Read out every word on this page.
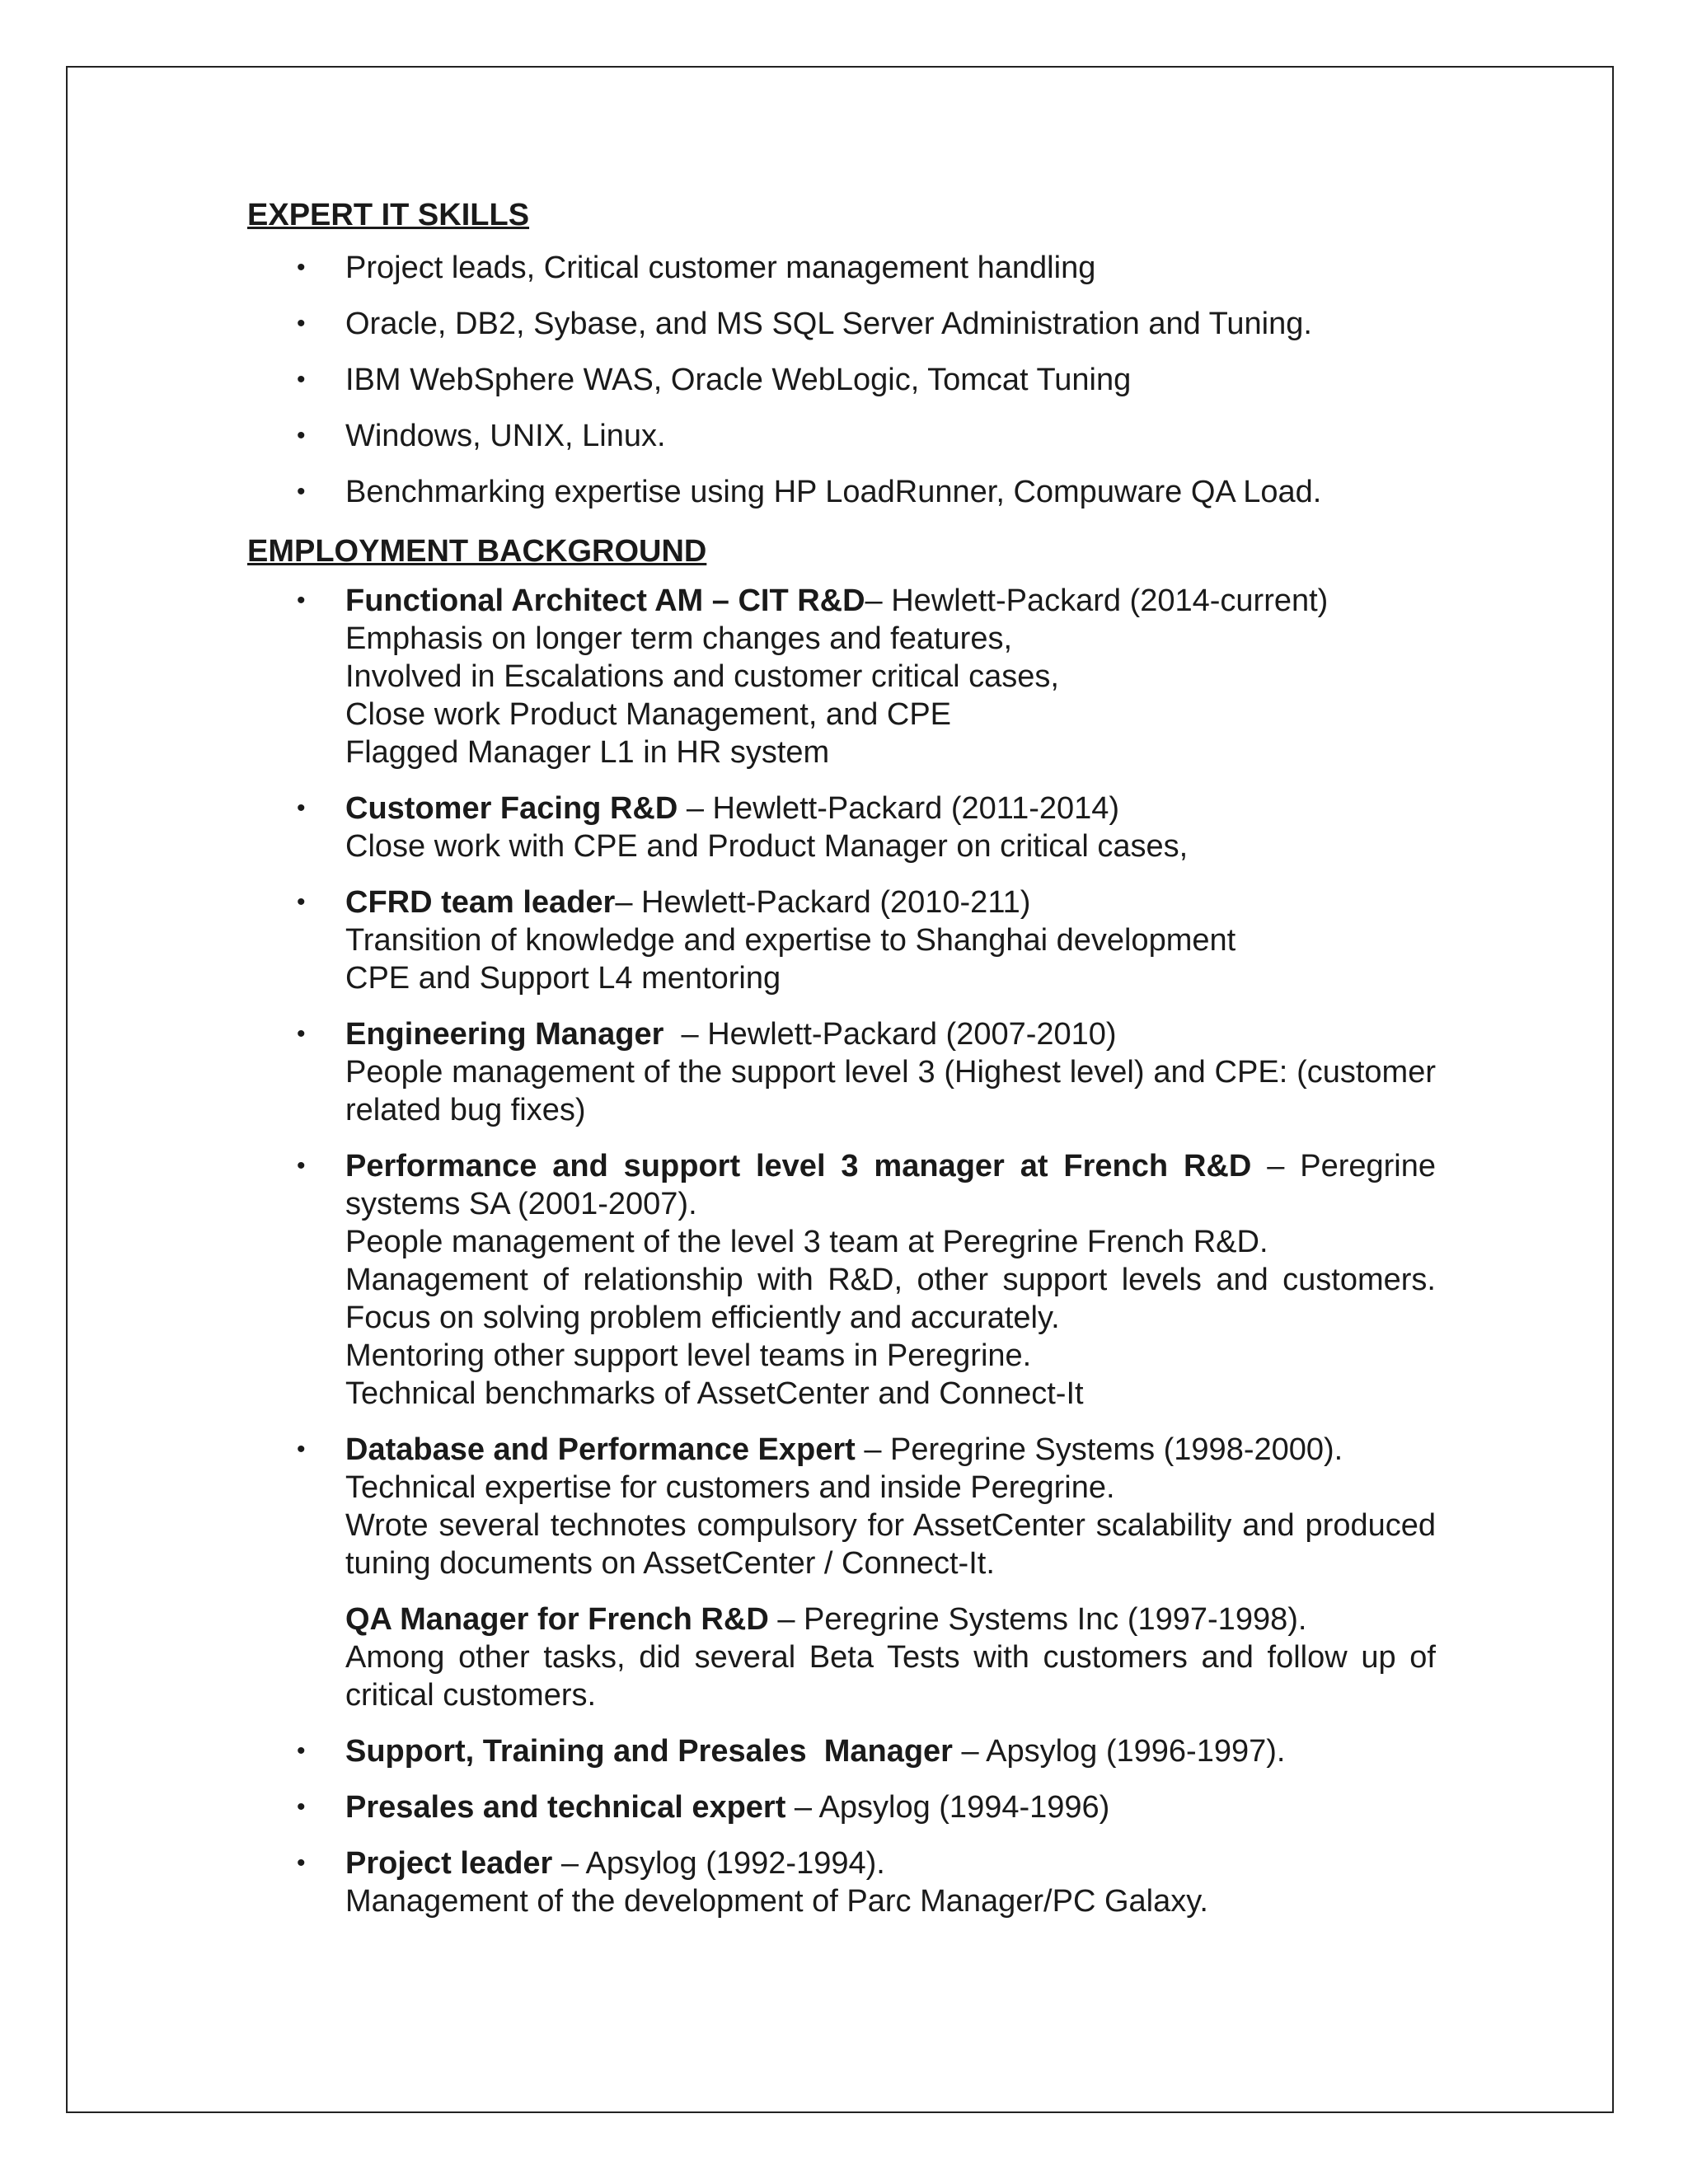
EXPERT IT SKILLS
• Project leads, Critical customer management handling
• Oracle, DB2, Sybase, and MS SQL Server Administration and Tuning.
• IBM WebSphere WAS, Oracle WebLogic, Tomcat Tuning
• Windows, UNIX, Linux.
• Benchmarking expertise using HP LoadRunner, Compuware QA Load.
EMPLOYMENT BACKGROUND
• Functional Architect AM – CIT R&D– Hewlett-Packard (2014-current)
Emphasis on longer term changes and features,
Involved in Escalations and customer critical cases,
Close work Product Management, and CPE
Flagged Manager L1 in HR system
• Customer Facing R&D – Hewlett-Packard (2011-2014)
Close work with CPE and Product Manager on critical cases,
• CFRD team leader– Hewlett-Packard (2010-211)
Transition of knowledge and expertise to Shanghai development
CPE and Support L4 mentoring
• Engineering Manager  – Hewlett-Packard (2007-2010)
People management of the support level 3 (Highest level) and CPE: (customer related bug fixes)
• Performance and support level 3 manager at French R&D – Peregrine systems SA (2001-2007).
People management of the level 3 team at Peregrine French R&D.
Management of relationship with R&D, other support levels and customers. Focus on solving problem efficiently and accurately.
Mentoring other support level teams in Peregrine.
Technical benchmarks of AssetCenter and Connect-It
• Database and Performance Expert – Peregrine Systems (1998-2000).
Technical expertise for customers and inside Peregrine.
Wrote several technotes compulsory for AssetCenter scalability and produced tuning documents on AssetCenter / Connect-It.
QA Manager for French R&D – Peregrine Systems Inc (1997-1998).
Among other tasks, did several Beta Tests with customers and follow up of critical customers.
• Support, Training and Presales  Manager – Apsylog (1996-1997).
• Presales and technical expert – Apsylog (1994-1996)
• Project leader – Apsylog (1992-1994).
Management of the development of Parc Manager/PC Galaxy.
